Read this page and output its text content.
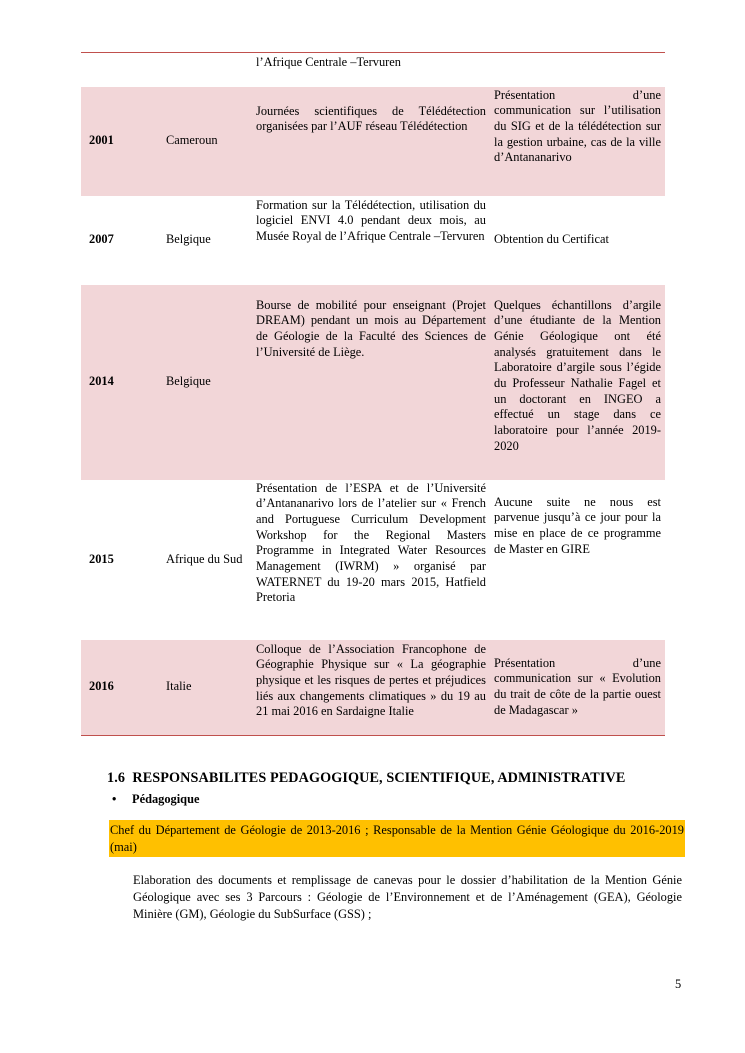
		l’Afrique Centrale –Tervuren	
2001	Cameroun	Journées scientifiques de Télédétection organisées par l’AUF réseau Télédétection	Présentation d’une communication sur l’utilisation du SIG et de la télédétection sur la gestion urbaine, cas de la ville d’Antananarivo
2007	Belgique	Formation sur la Télédétection, utilisation du logiciel ENVI 4.0 pendant deux mois, au Musée Royal de l’Afrique Centrale –Tervuren	Obtention du Certificat
2014	Belgique	Bourse de mobilité pour enseignant (Projet DREAM) pendant un mois au Département de Géologie de la Faculté des Sciences de l’Université de Liège.	Quelques échantillons d’argile d’une étudiante de la Mention Génie Géologique ont été analysés gratuitement dans le Laboratoire d’argile sous l’égide du Professeur Nathalie Fagel et un doctorant en INGEO a effectué un stage dans ce laboratoire pour l’année 2019-2020
2015	Afrique du Sud	Présentation de l’ESPA et de l’Université d’Antananarivo lors de l’atelier sur « French and Portuguese Curriculum Development Workshop for the Regional Masters Programme in Integrated Water Resources Management (IWRM) » organisé par WATERNET du 19-20 mars 2015, Hatfield Pretoria	Aucune suite ne nous est parvenue jusqu’à ce jour pour la mise en place de ce programme de Master en GIRE
2016	Italie	Colloque de l’Association Francophone de Géographie Physique sur « La géographie physique et les risques de pertes et préjudices liés aux changements climatiques » du 19 au 21 mai 2016 en Sardaigne Italie	Présentation d’une communication sur « Evolution du trait de côte de la partie ouest de Madagascar »
1.6 RESPONSABILITES PEDAGOGIQUE, SCIENTIFIQUE, ADMINISTRATIVE
• Pédagogique
Chef du Département de Géologie de 2013-2016 ; Responsable de la Mention Génie Géologique du 2016-2019 (mai)
Elaboration des documents et remplissage de canevas pour le dossier d’habilitation de la Mention Génie Géologique avec ses 3 Parcours : Géologie de l’Environnement et de l’Aménagement (GEA), Géologie Minière (GM), Géologie du SubSurface (GSS) ;
5
